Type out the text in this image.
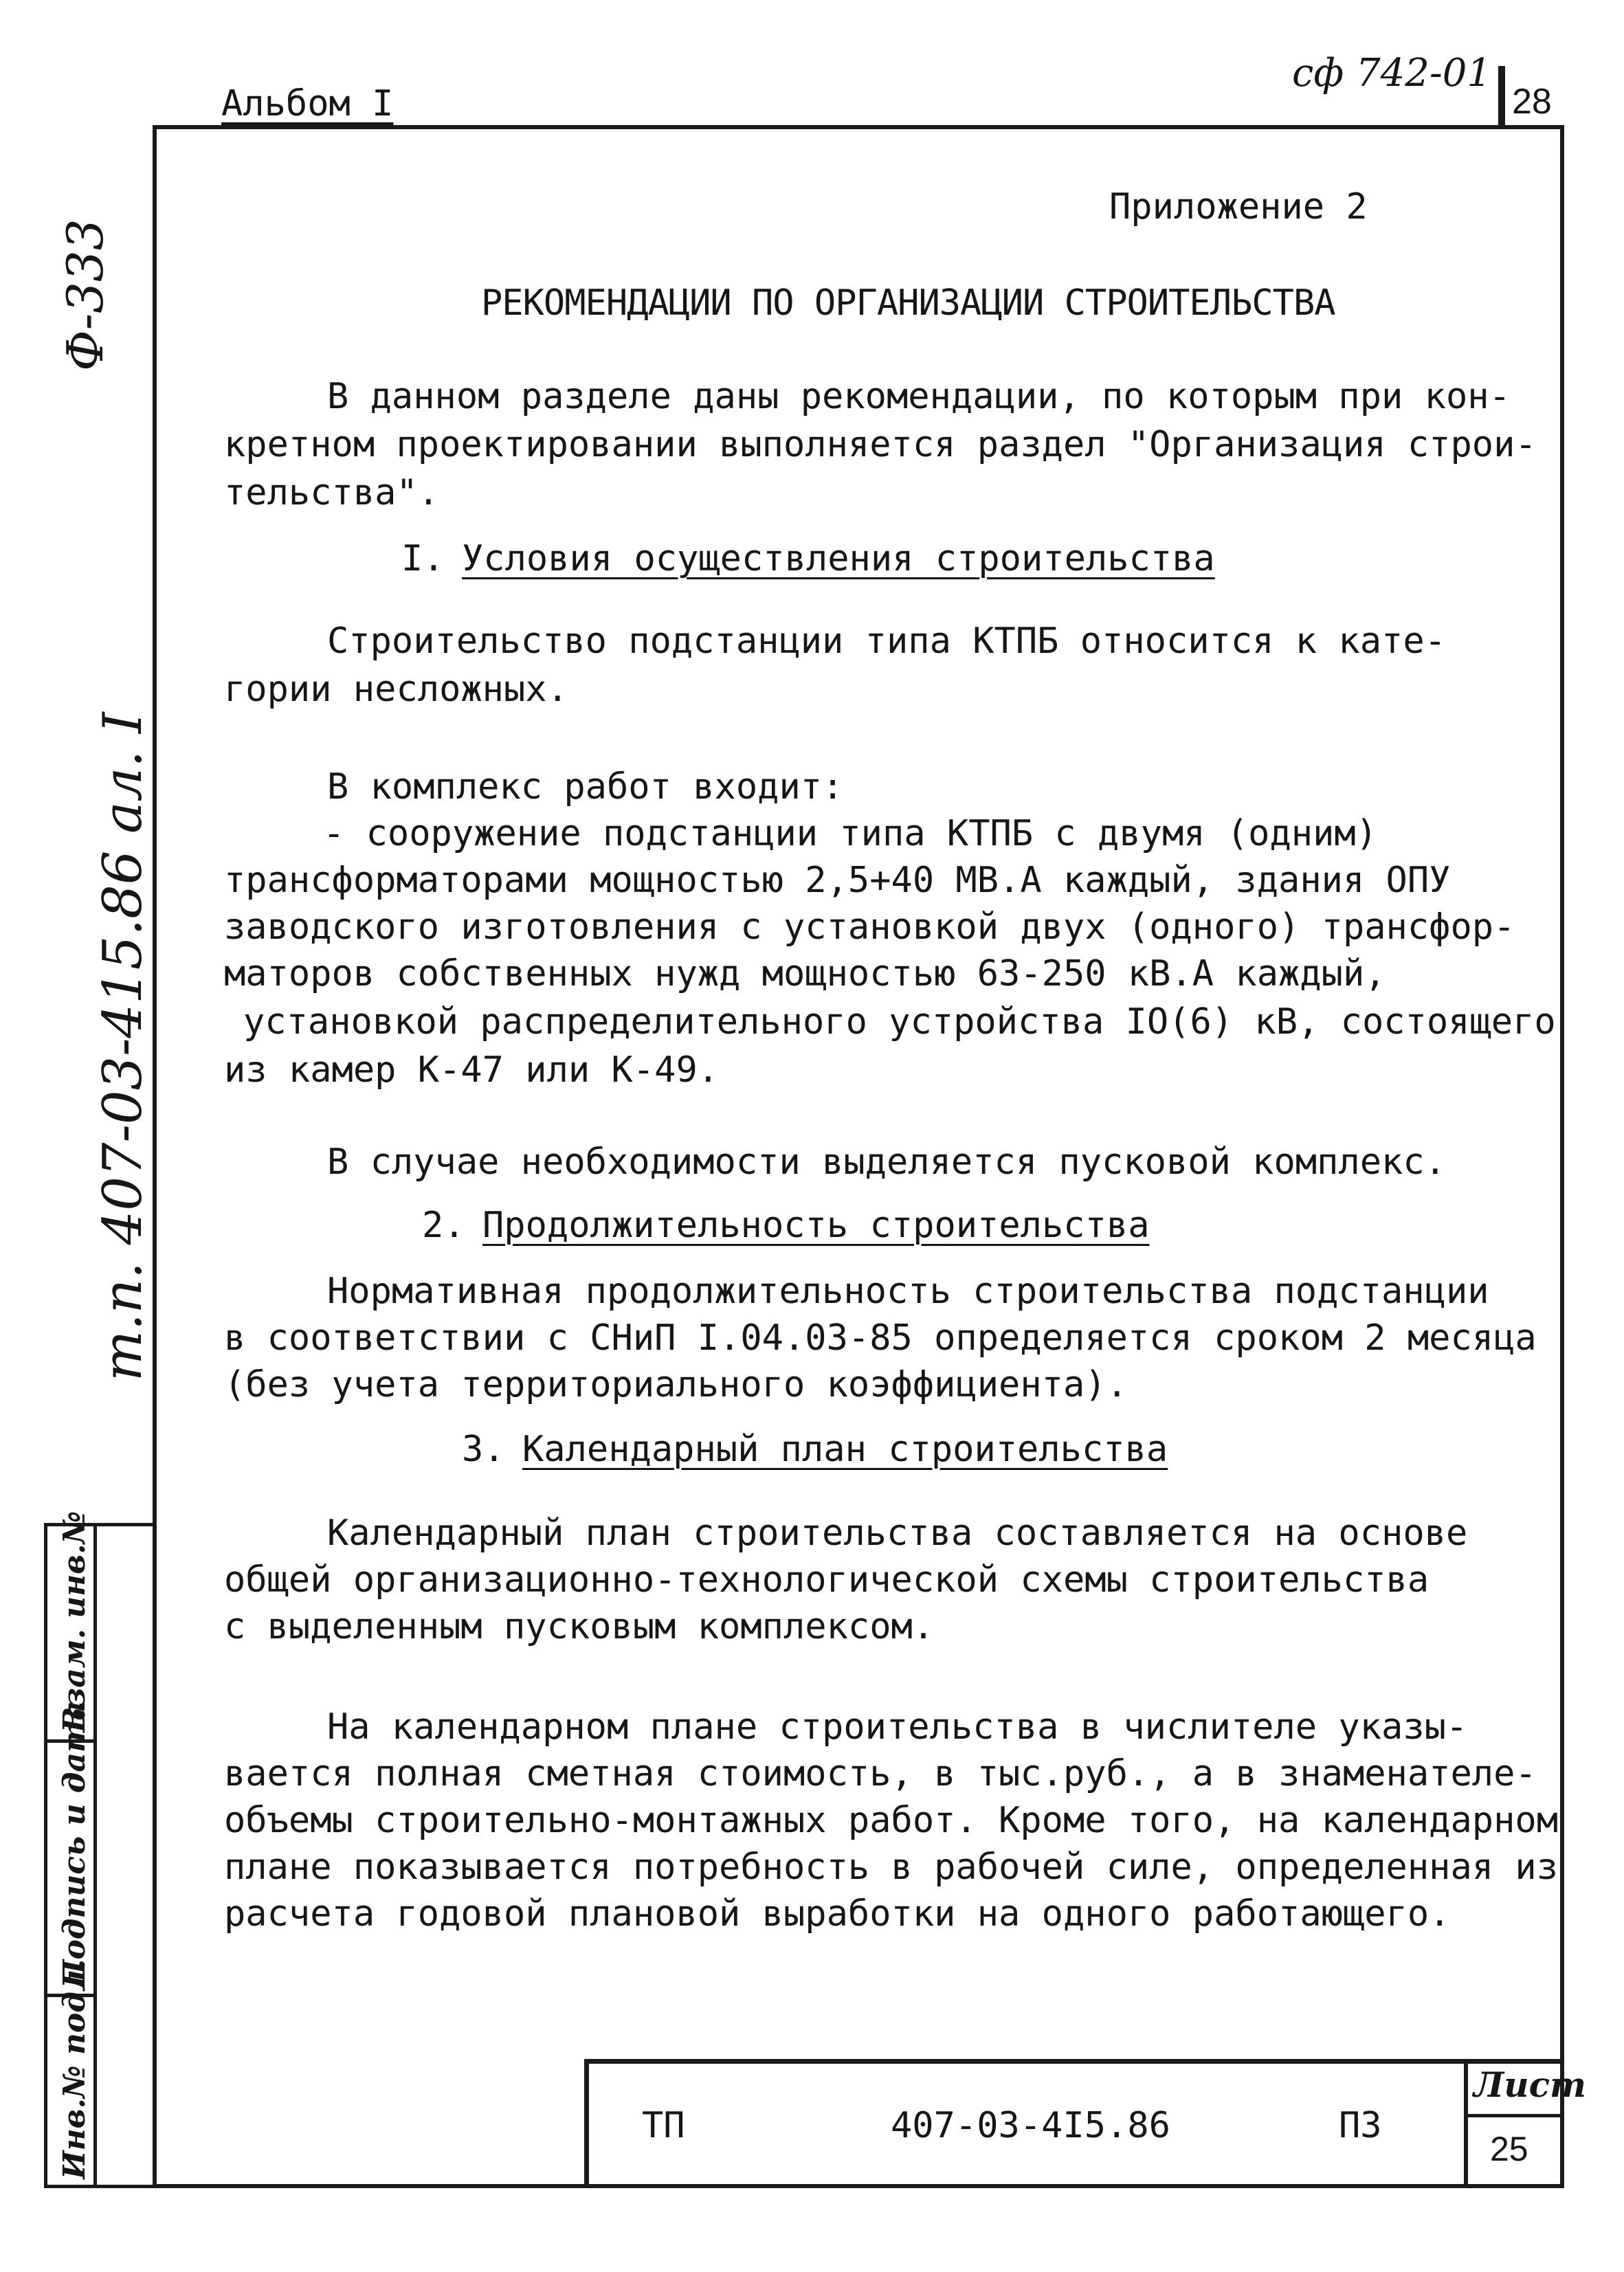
Альбом I
сф 742-01
28
Ф-333
т.п. 407-03-415.86 ал. I
Взам. инв.№
Подпись и дата
Инв.№ подл.
Приложение 2
РЕКОМЕНДАЦИИ ПО ОРГАНИЗАЦИИ СТРОИТЕЛЬСТВА
В данном разделе даны рекомендации, по которым при кон-
кретном проектировании выполняется раздел "Организация строи-
тельства".
I. Условия осуществления строительства
Строительство подстанции типа КТПБ относится к кате-
гории несложных.
В комплекс работ входит:
- сооружение подстанции типа КТПБ с двумя (одним)
трансформаторами мощностью 2,5+40 МВ.А каждый, здания ОПУ
заводского изготовления с установкой двух (одного) трансфор-
маторов собственных нужд мощностью 63-250 кВ.А каждый,
установкой распределительного устройства IO(6) кВ, состоящего
из камер К-47 или К-49.
В случае необходимости выделяется пусковой комплекс.
2. Продолжительность строительства
Нормативная продолжительность строительства подстанции
в соответствии с СНиП I.04.03-85 определяется сроком 2 месяца
(без учета территориального коэффициента).
3. Календарный план строительства
Календарный план строительства составляется на основе
общей организационно-технологической схемы строительства
с выделенным пусковым комплексом.
На календарном плане строительства в числителе указы-
вается полная сметная стоимость, в тыс.руб., а в знаменателе-
объемы строительно-монтажных работ. Кроме того, на календарном
плане показывается потребность в рабочей силе, определенная из
расчета годовой плановой выработки на одного работающего.
ТП	407-03-4I5.86	ПЗ
Лист
25
